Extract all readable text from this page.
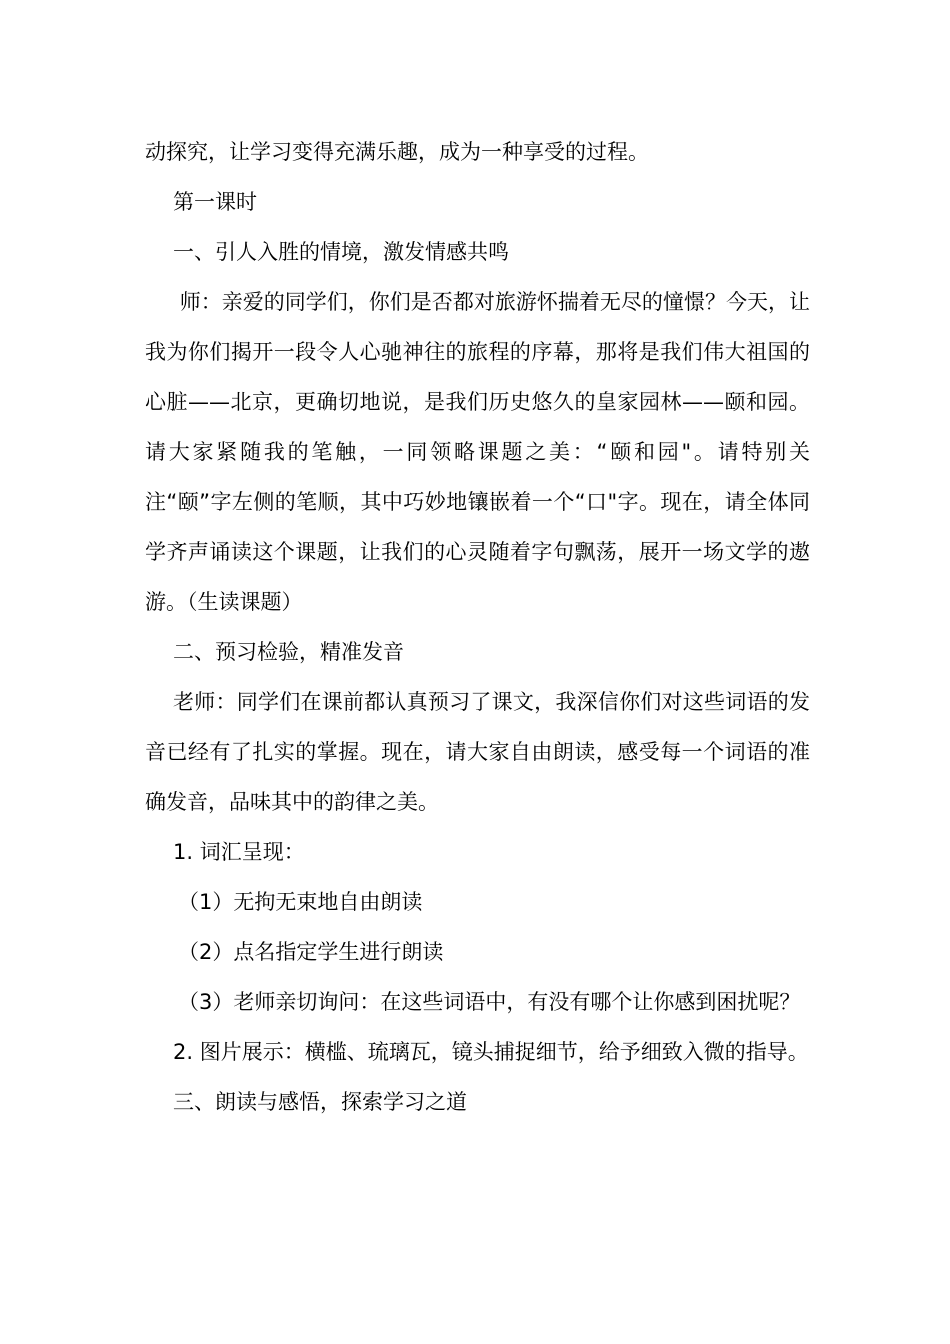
动探究，让学习变得充满乐趣，成为一种享受的过程。

第一课时

一、引人入胜的情境，激发情感共鸣

师：亲爱的同学们，你们是否都对旅游怀揣着无尽的憧憬？今天，让我为你们揭开一段令人心驰神往的旅程的序幕，那将是我们伟大祖国的心脏——北京，更确切地说，是我们历史悠久的皇家园林——颐和园。请大家紧随我的笔触，一同领略课题之美：“颐和园"。请特别关注“颐”字左侧的笔顺，其中巧妙地镶嵌着一个“口"字。现在，请全体同学齐声诵读这个课题，让我们的心灵随着字句飘荡，展开一场文学的遨游。（生读课题）

二、预习检验，精准发音

老师：同学们在课前都认真预习了课文，我深信你们对这些词语的发音已经有了扎实的掌握。现在，请大家自由朗读，感受每一个词语的准确发音，品味其中的韵律之美。

1. 词汇呈现：

（1）无拘无束地自由朗读

（2）点名指定学生进行朗读

（3）老师亲切询问：在这些词语中，有没有哪个让你感到困扰呢？

2. 图片展示：横槛、琉璃瓦，镜头捕捉细节，给予细致入微的指导。

三、朗读与感悟，探索学习之道
